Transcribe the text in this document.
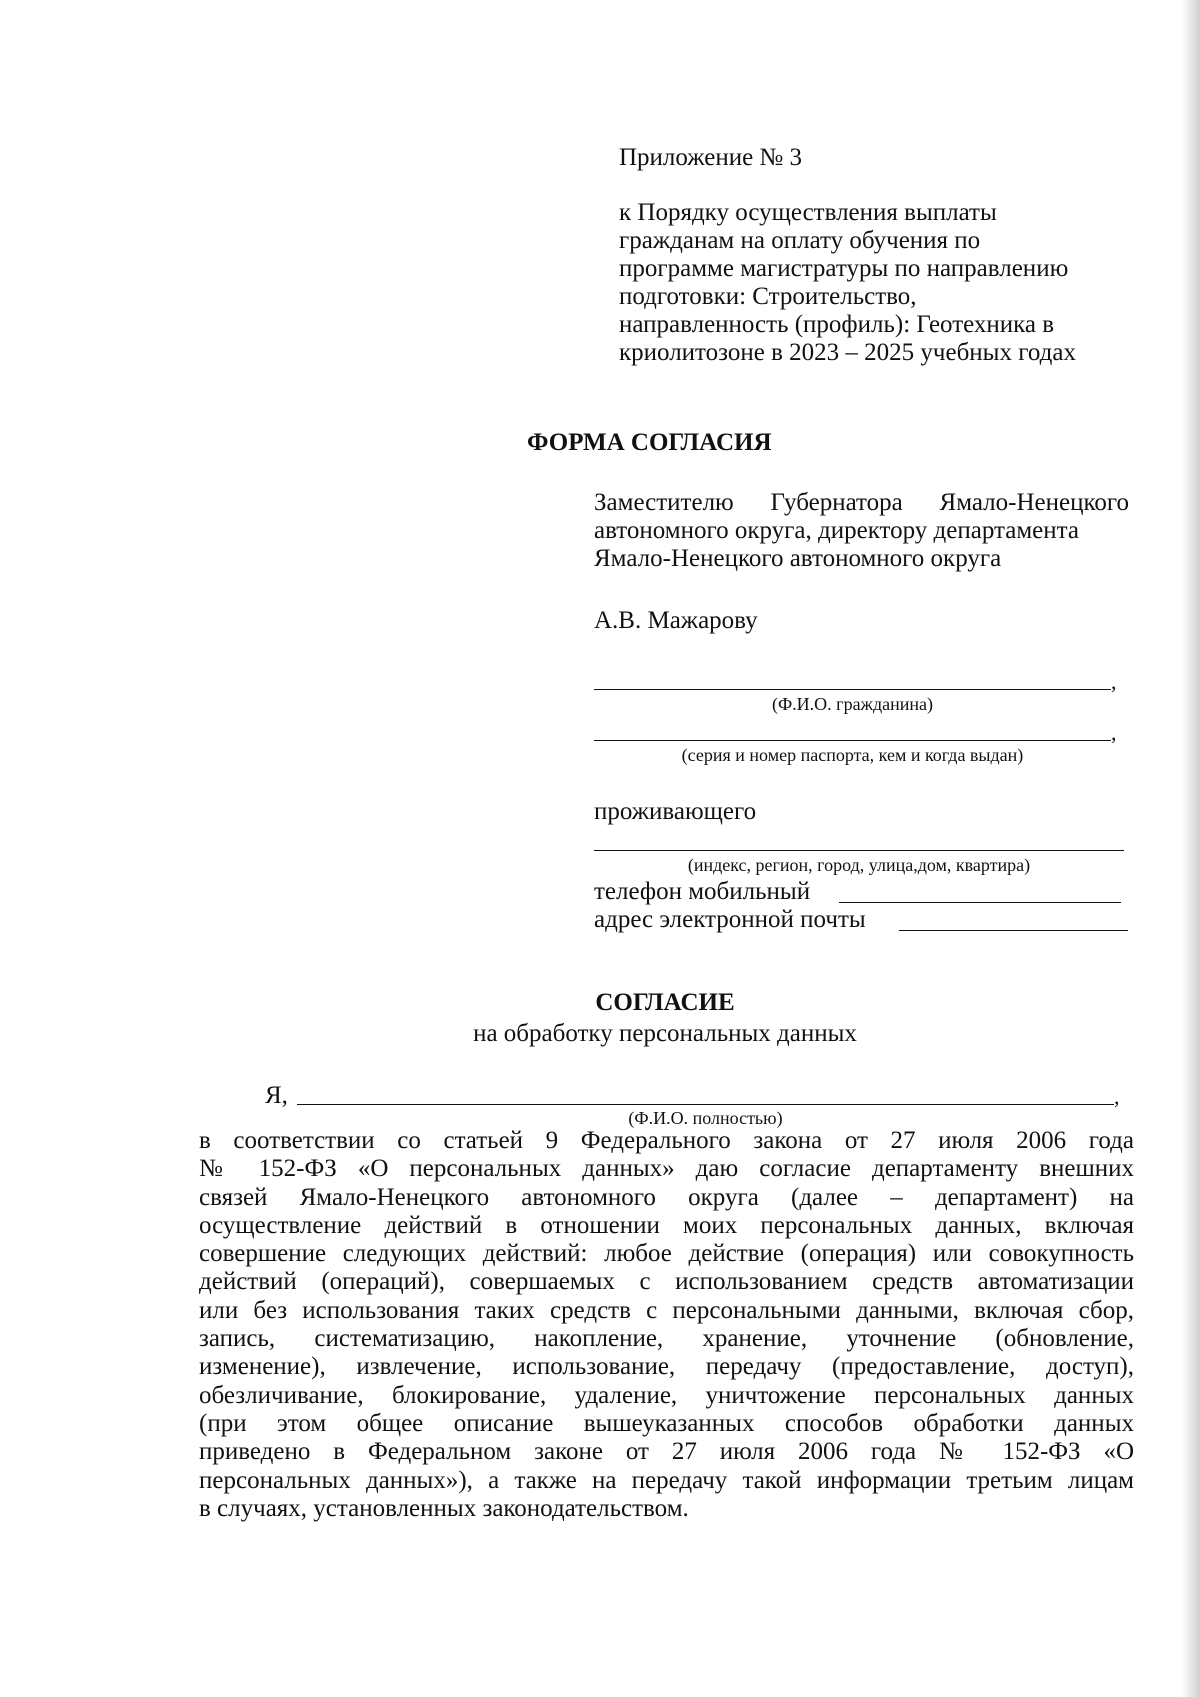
Приложение № 3
к Порядку осуществления выплаты
гражданам на оплату обучения по
программе магистратуры по направлению
подготовки: Строительство,
направленность (профиль): Геотехника в
криолитозоне в 2023 – 2025 учебных годах
ФОРМА СОГЛАСИЯ
Заместителю Губернатора Ямало-Ненецкого
автономного округа, директору департамента
Ямало-Ненецкого автономного округа
А.В. Мажарову
,
(Ф.И.О. гражданина)
,
(серия и номер паспорта, кем и когда выдан)
проживающего
(индекс, регион, город, улица,дом, квартира)
телефон мобильный
адрес электронной почты
СОГЛАСИЕ
на обработку персональных данных
Я,	,
(Ф.И.О. полностью)
в соответствии со статьей 9 Федерального закона от 27 июля 2006 года
№ 152-ФЗ «О персональных данных» даю согласие департаменту внешних
связей Ямало-Ненецкого автономного округа (далее – департамент) на
осуществление действий в отношении моих персональных данных, включая
совершение следующих действий: любое действие (операция) или совокупность
действий (операций), совершаемых с использованием средств автоматизации
или без использования таких средств с персональными данными, включая сбор,
запись, систематизацию, накопление, хранение, уточнение (обновление,
изменение), извлечение, использование, передачу (предоставление, доступ),
обезличивание, блокирование, удаление, уничтожение персональных данных
(при этом общее описание вышеуказанных способов обработки данных
приведено в Федеральном законе от 27 июля 2006 года № 152-ФЗ «О
персональных данных»), а также на передачу такой информации третьим лицам
в случаях, установленных законодательством.
